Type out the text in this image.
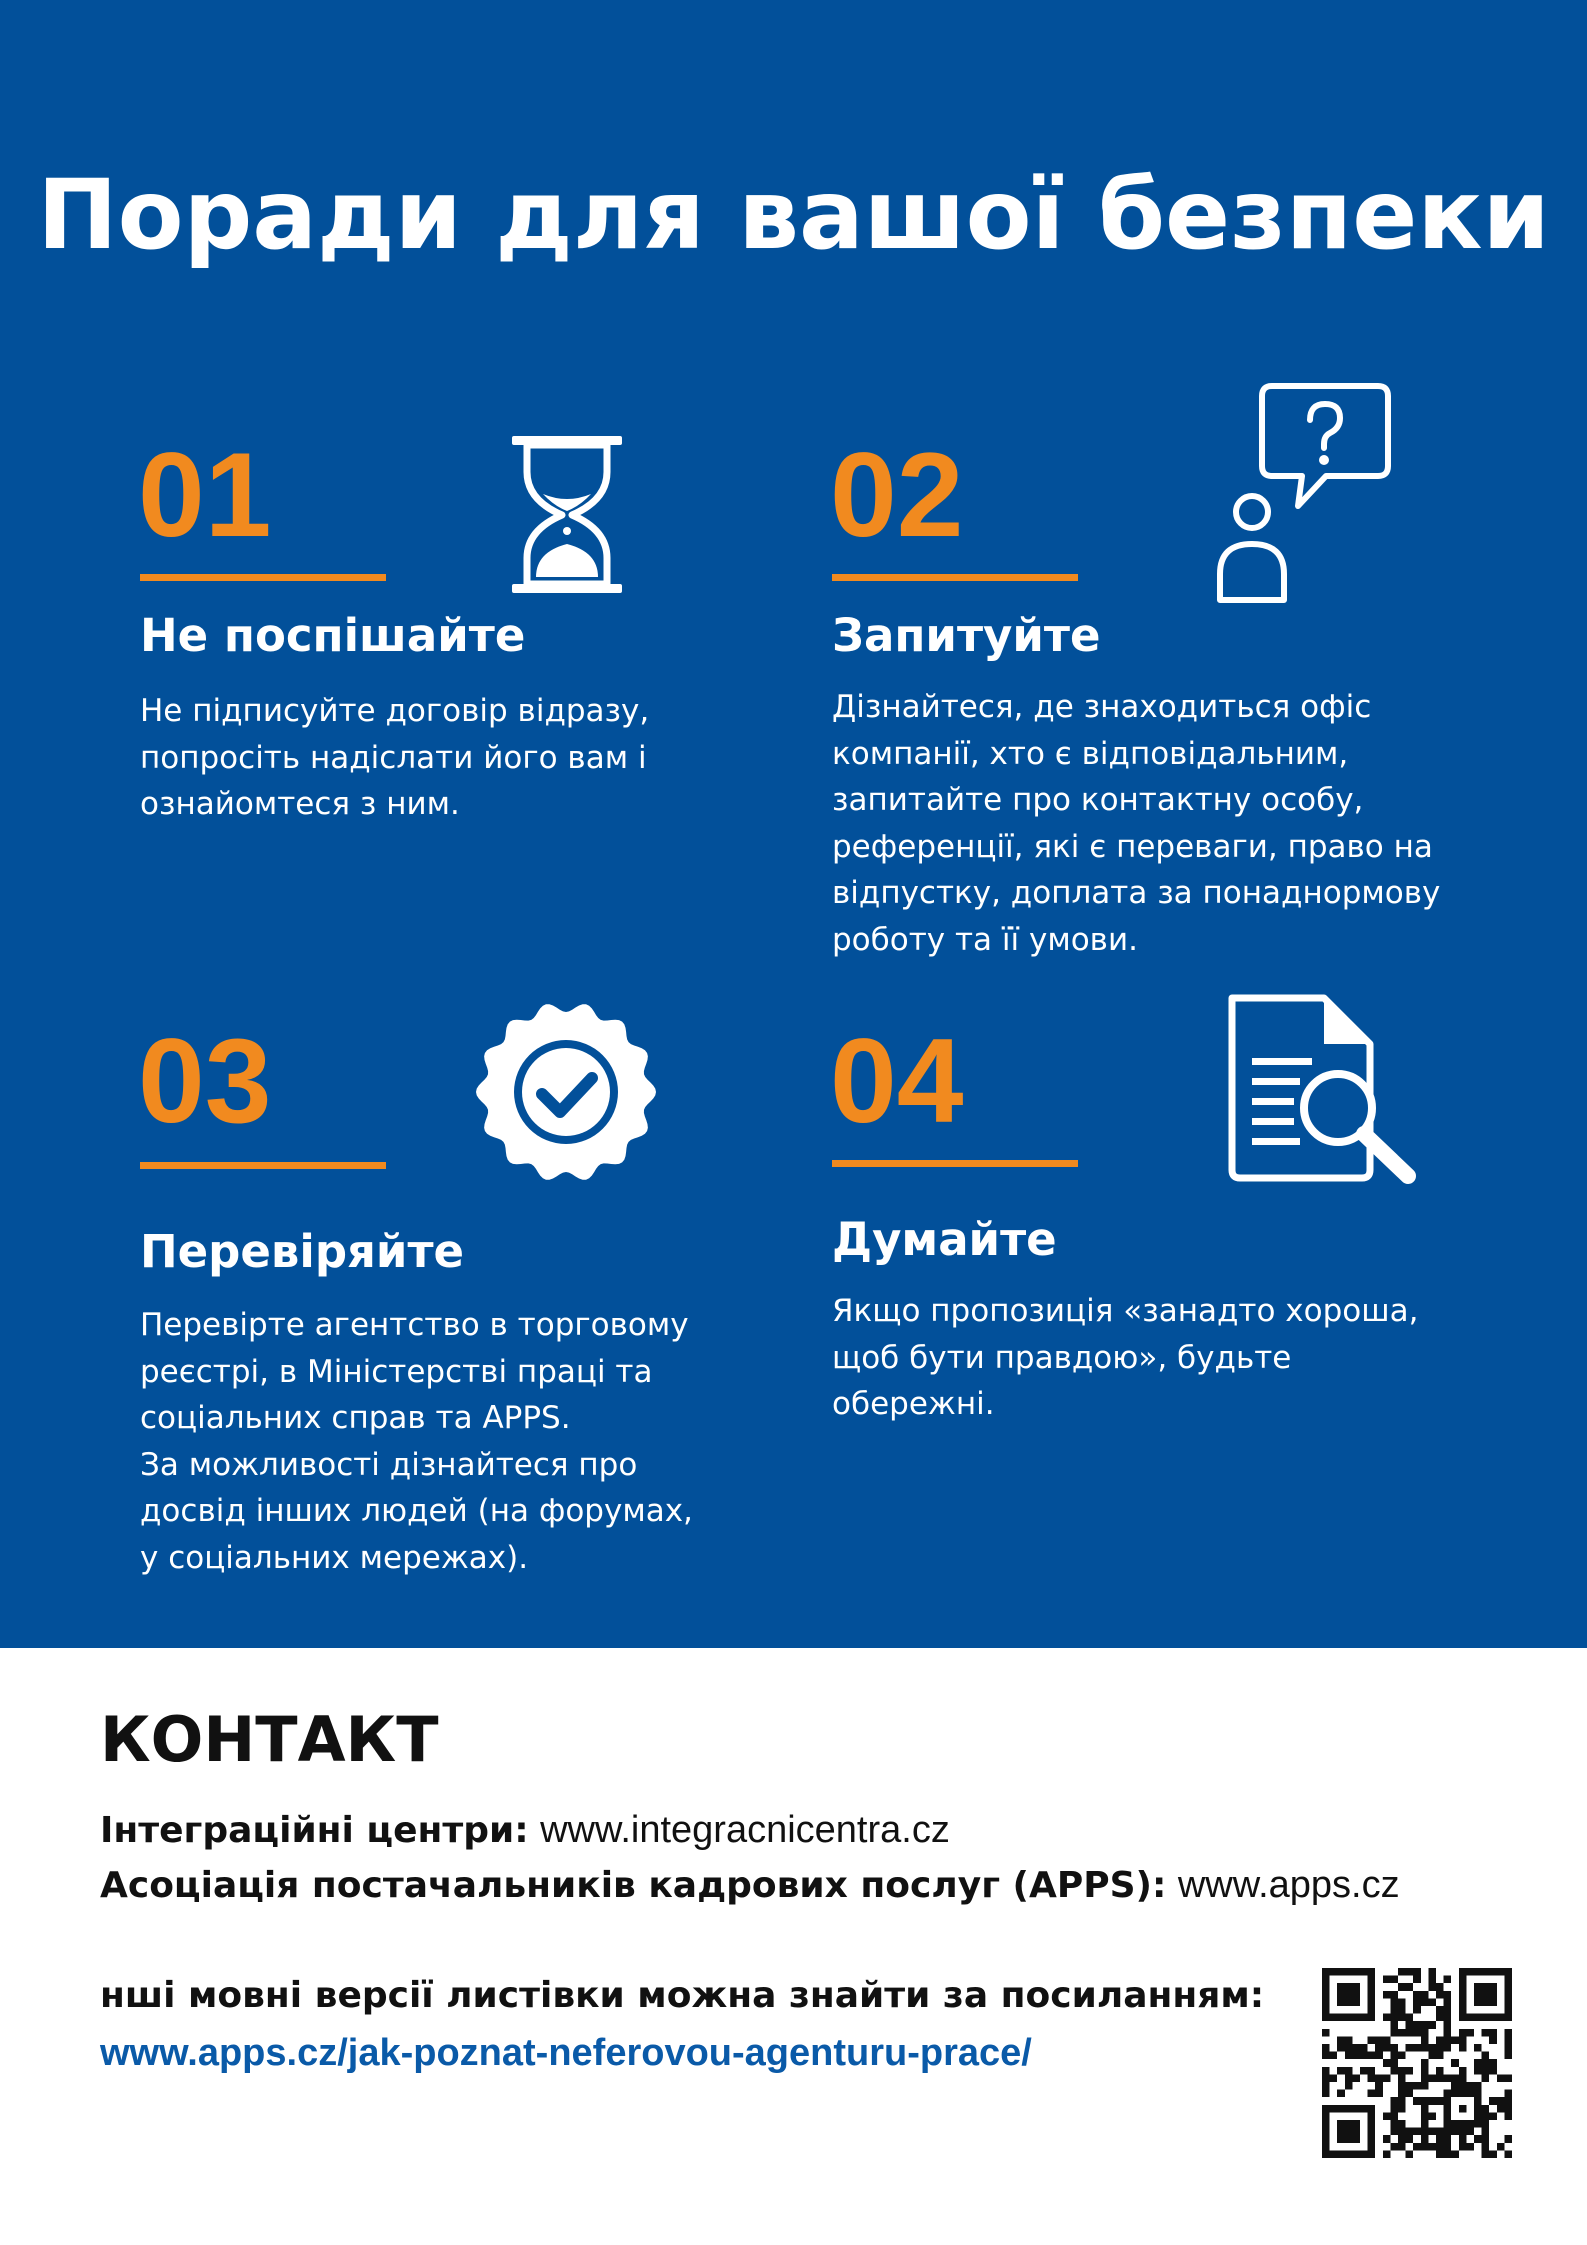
Поради для вашої безпеки
01
Не поспішайте
Не підписуйте договір відразу,
попросіть надіслати його вам і
ознайомтеся з ним.
02
Запитуйте
Дізнайтеся, де знаходиться офіс
компанії, хто є відповідальним,
запитайте про контактну особу,
референції, які є переваги, право на
відпустку, доплата за понаднормову
роботу та її умови.
03
Перевіряйте
Перевірте агентство в торговому
реєстрі, в Міністерстві праці та
соціальних справ та APPS.
За можливості дізнайтеся про
досвід інших людей (на форумах,
у соціальних мережах).
04
Думайте
Якщо пропозиція «занадто хороша,
щоб бути правдою», будьте
обережні.
КОНТАКТ
Інтеграційні центри: www.integracnicentra.cz
Асоціація постачальників кадрових послуг (APPS): www.apps.cz
нші мовні версії листівки можна знайти за посиланням:
www.apps.cz/jak-poznat-neferovou-agenturu-prace/
